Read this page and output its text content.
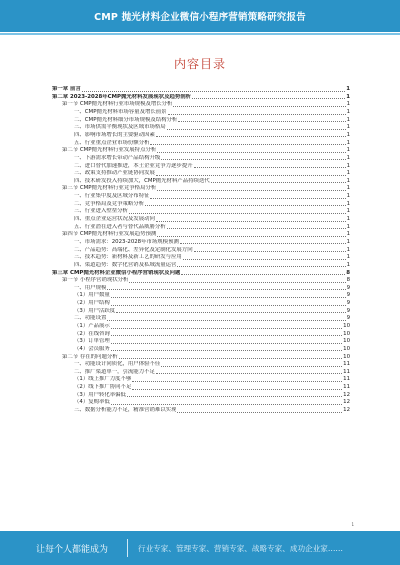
CMP 抛光材料企业微信小程序营销策略研究报告
内容目录
第一章 前言	1
第二章 2023-2028年CMP抛光材料发展现状及趋势剖析	1
第一节 CMP抛光材料行业市场规模及增长分析	1
一、CMP抛光材料市场容量及增长前景	1
二、CMP抛光材料细分市场规模及结构分析	1
三、市场供需平衡现状及区域市场格局	1
四、影响市场增长的主要驱动因素	1
五、行业重点企业市场份额分析	1
第二节 CMP抛光材料行业发展特点分析	1
一、下游需求增长带动产品结构升级	1
二、进口替代加速推进，本土企业竞争力逐步提升	1
三、政策支持推动产业链协同发展	1
四、技术研发投入持续加大，CMP抛光材料产品持续迭代	1
第三节 CMP抛光材料行业竞争格局分析	1
一、行业集中度及区域分布特征	1
二、竞争格局及竞争策略分析	1
三、行业进入壁垒分析	1
四、重点企业运营状况及发展动向	1
五、行业潜在进入者与替代品威胁分析	1
第四节 CMP抛光材料行业发展趋势预测	1
一、市场需求：2023-2028年市场规模预测	1
二、产品趋势：高端化、差异化及定制化发展方向	1
三、技术趋势：新材料及新工艺的研发与应用	1
四、渠道趋势：数字化营销及私域流量运营	1
第三章 CMP抛光材料企业微信小程序营销现状及问题	8
第一节 小程序营销现状分析	8
一、用户规模	9
（1）用户数量	9
（2）用户结构	9
（3）用户活跃度	9
二、功能设置	9
（1）产品展示	10
（2）在线咨询	10
（3）订单管理	10
（4）会员服务	10
第二节 存在的问题分析	10
一、功能设计同质化，用户体验不佳	11
二、推广渠道单一，引流能力不足	11
（1）线上推广力度不够	11
（2）线下推广协同不足	11
（3）用户转化率偏低	12
（4）复购率低	12
三、数据分析能力不足，精准营销难以实现	12
1
让每个人都能成为	行业专家、管理专家、营销专家、战略专家、成功企业家……
